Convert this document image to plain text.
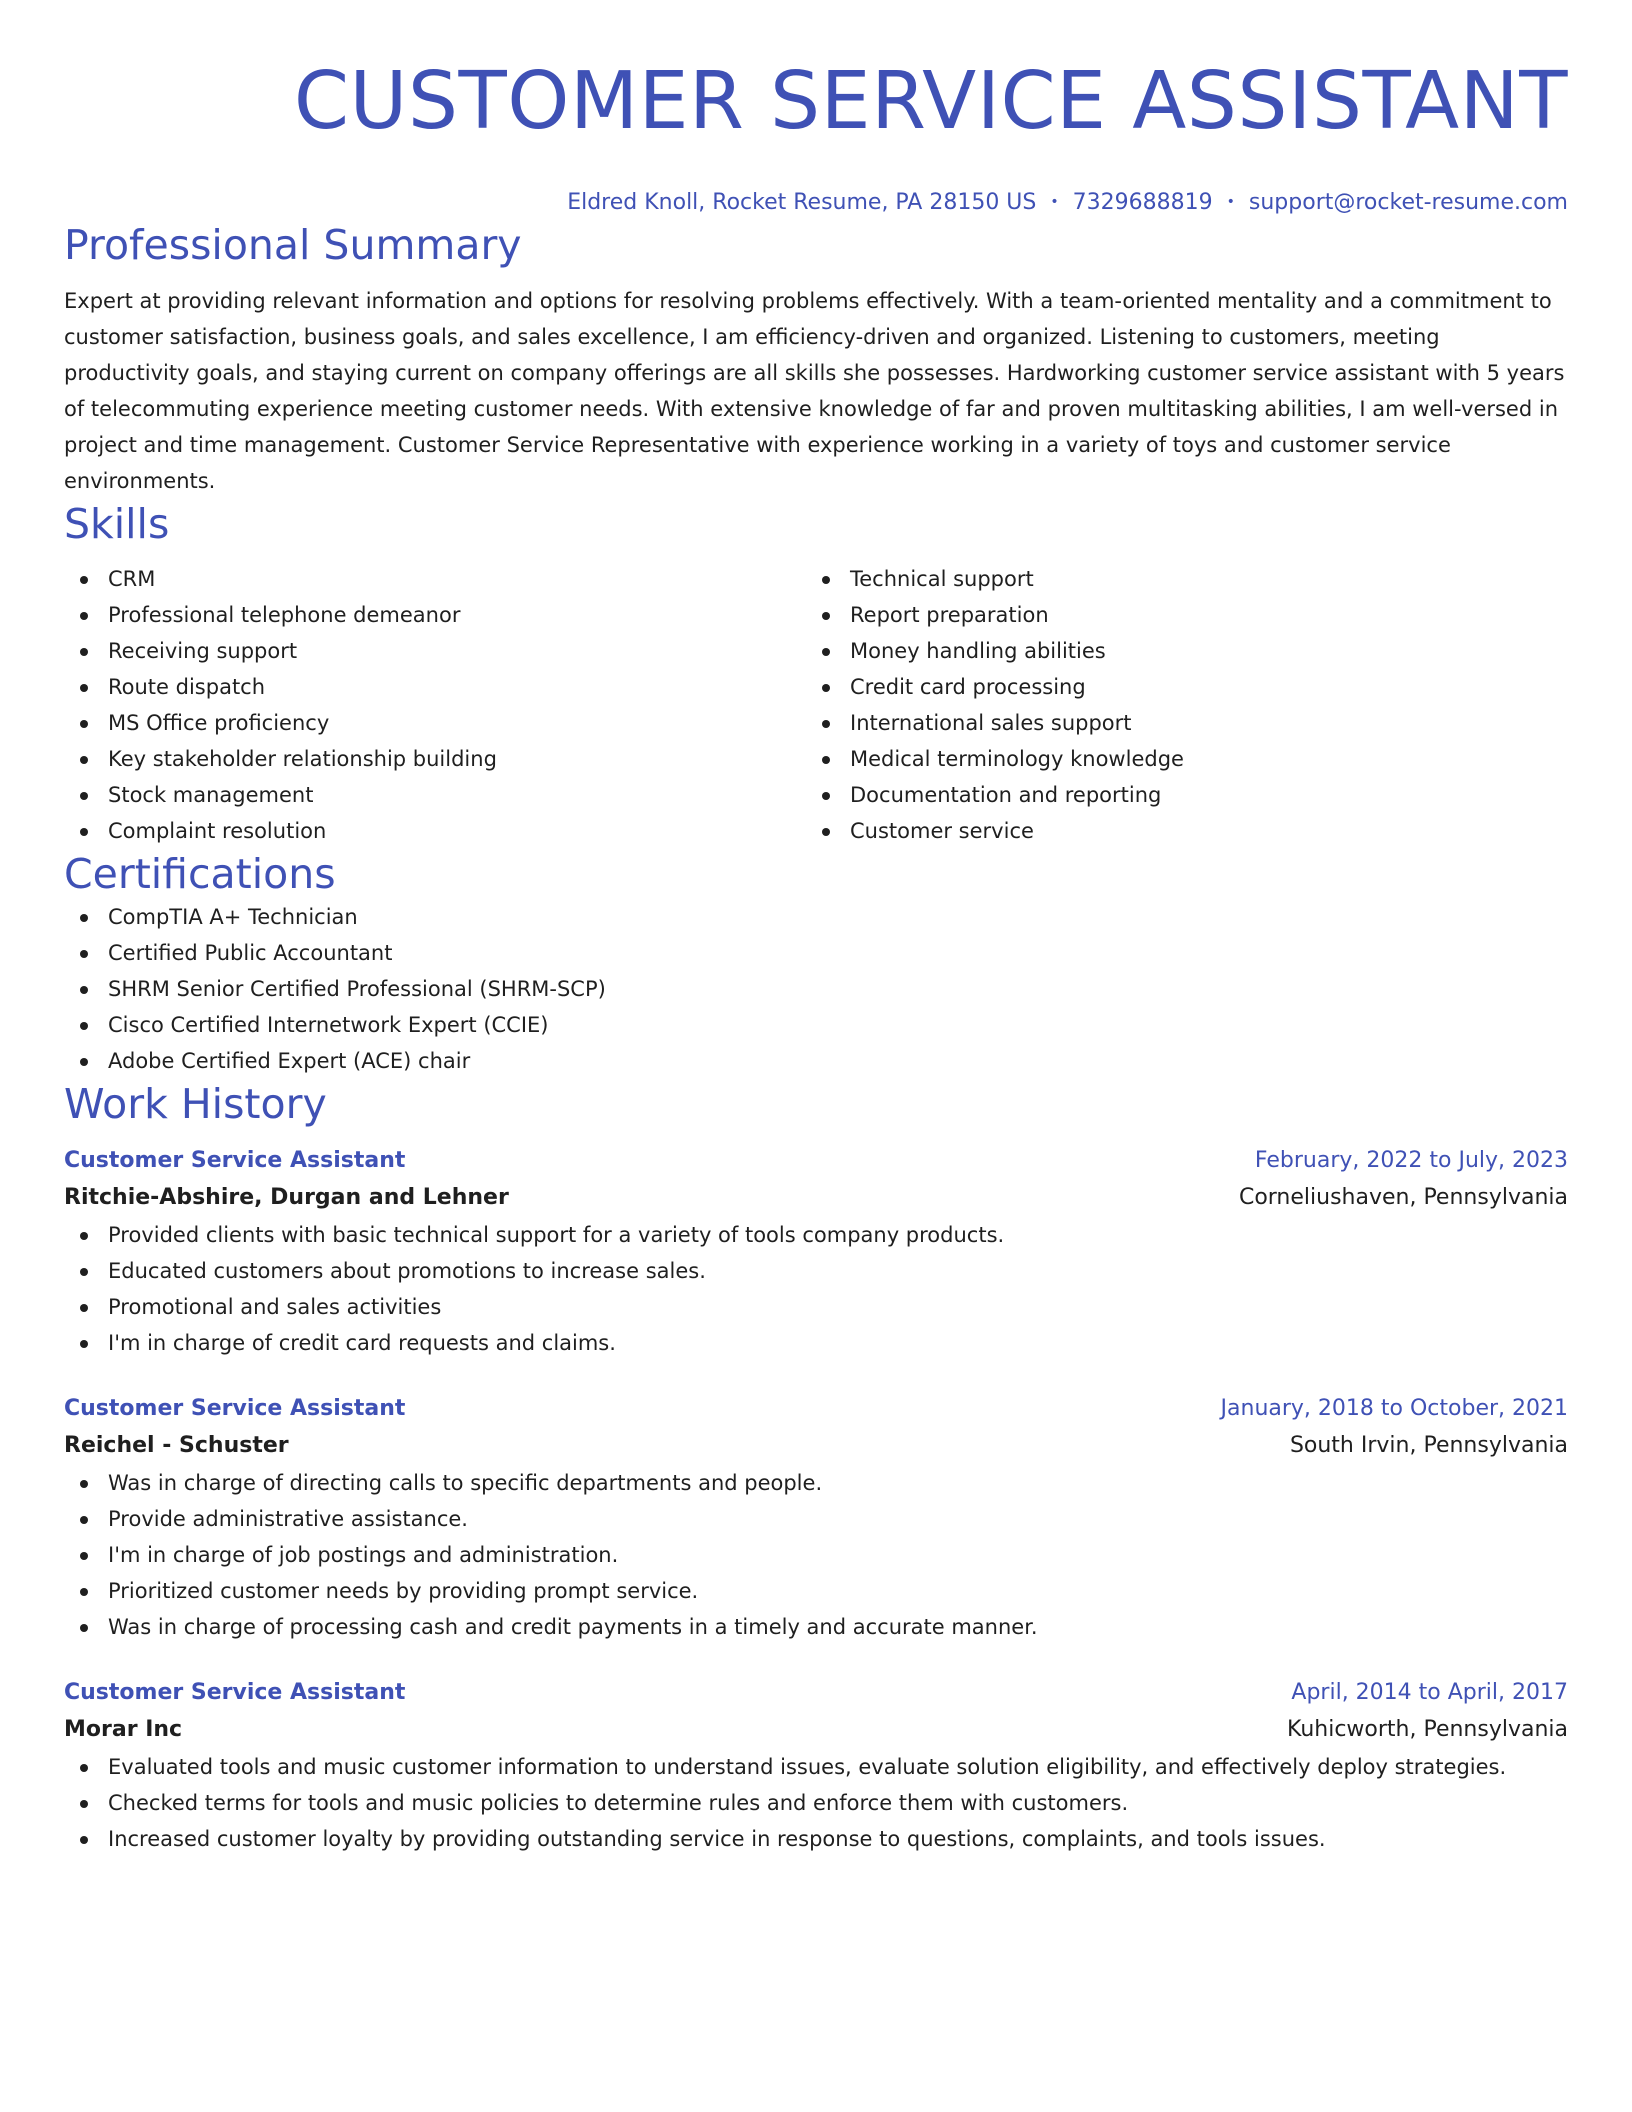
CUSTOMER SERVICE ASSISTANT
Eldred Knoll, Rocket Resume, PA 28150 US • 7329688819 • support@rocket-resume.com
Professional Summary
Expert at providing relevant information and options for resolving problems effectively. With a team-oriented mentality and a commitment to customer satisfaction, business goals, and sales excellence, I am efficiency-driven and organized. Listening to customers, meeting productivity goals, and staying current on company offerings are all skills she possesses. Hardworking customer service assistant with 5 years of telecommuting experience meeting customer needs. With extensive knowledge of far and proven multitasking abilities, I am well-versed in project and time management. Customer Service Representative with experience working in a variety of toys and customer service environments.
Skills
CRM
Professional telephone demeanor
Receiving support
Route dispatch
MS Office proficiency
Key stakeholder relationship building
Stock management
Complaint resolution
Technical support
Report preparation
Money handling abilities
Credit card processing
International sales support
Medical terminology knowledge
Documentation and reporting
Customer service
Certifications
CompTIA A+ Technician
Certified Public Accountant
SHRM Senior Certified Professional (SHRM-SCP)
Cisco Certified Internetwork Expert (CCIE)
Adobe Certified Expert (ACE) chair
Work History
Customer Service Assistant	February, 2022 to July, 2023
Ritchie-Abshire, Durgan and Lehner	Corneliushaven, Pennsylvania
Provided clients with basic technical support for a variety of tools company products.
Educated customers about promotions to increase sales.
Promotional and sales activities
I'm in charge of credit card requests and claims.
Customer Service Assistant	January, 2018 to October, 2021
Reichel - Schuster	South Irvin, Pennsylvania
Was in charge of directing calls to specific departments and people.
Provide administrative assistance.
I'm in charge of job postings and administration.
Prioritized customer needs by providing prompt service.
Was in charge of processing cash and credit payments in a timely and accurate manner.
Customer Service Assistant	April, 2014 to April, 2017
Morar Inc	Kuhicworth, Pennsylvania
Evaluated tools and music customer information to understand issues, evaluate solution eligibility, and effectively deploy strategies.
Checked terms for tools and music policies to determine rules and enforce them with customers.
Increased customer loyalty by providing outstanding service in response to questions, complaints, and tools issues.
